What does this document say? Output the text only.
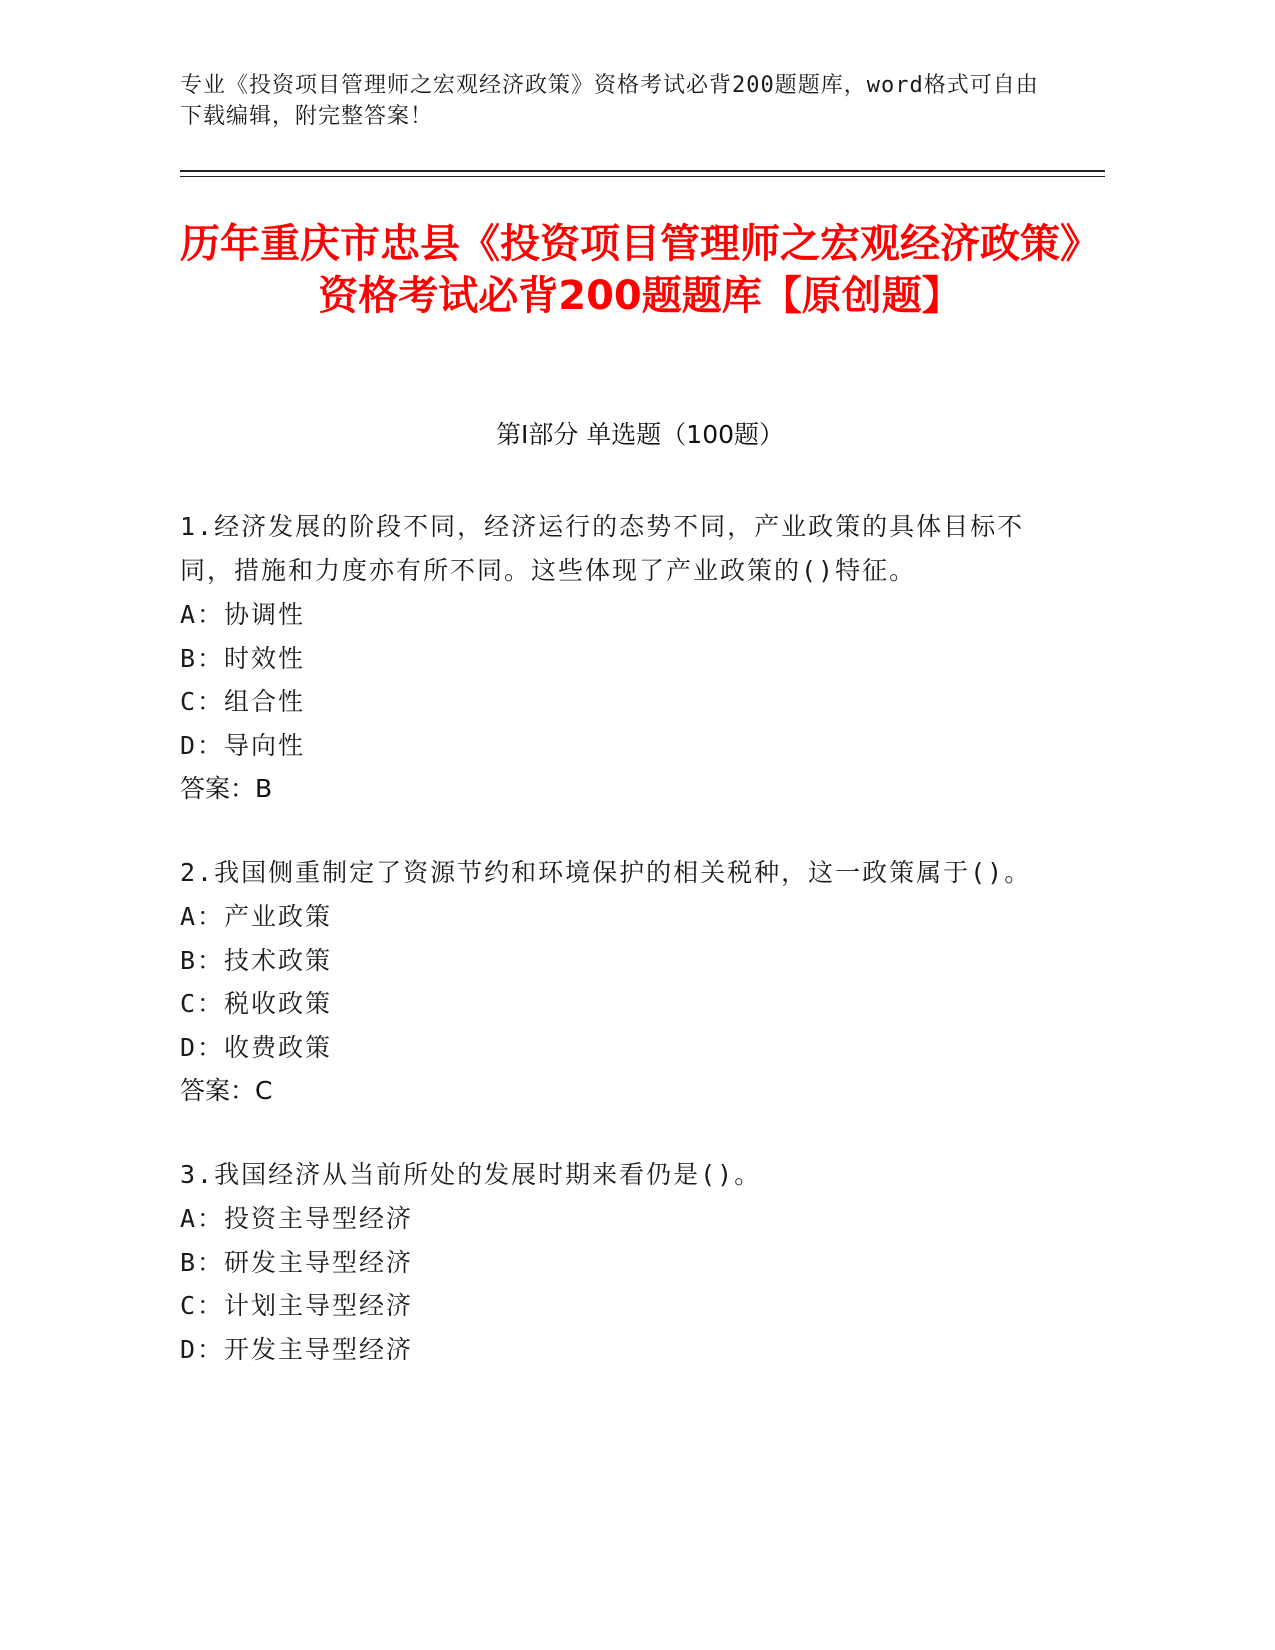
专业《投资项目管理师之宏观经济政策》资格考试必背200题题库，word格式可自由下载编辑，附完整答案！
历年重庆市忠县《投资项目管理师之宏观经济政策》资格考试必背200题题库【原创题】
第I部分 单选题（100题）
1.经济发展的阶段不同，经济运行的态势不同，产业政策的具体目标不同，措施和力度亦有所不同。这些体现了产业政策的()特征。
A：协调性
B：时效性
C：组合性
D：导向性
答案：B
2.我国侧重制定了资源节约和环境保护的相关税种，这一政策属于()。
A：产业政策
B：技术政策
C：税收政策
D：收费政策
答案：C
3.我国经济从当前所处的发展时期来看仍是()。
A：投资主导型经济
B：研发主导型经济
C：计划主导型经济
D：开发主导型经济
